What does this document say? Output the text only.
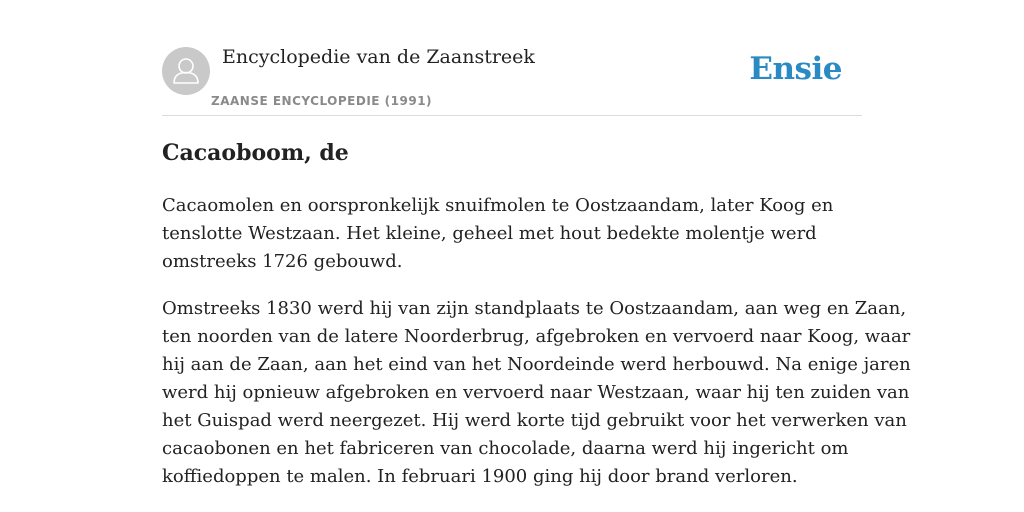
Encyclopedie van de Zaanstreek
ZAANSE ENCYCLOPEDIE (1991)
Ensie
Cacaoboom, de

Cacaomolen en oorspronkelijk snuifmolen te Oostzaandam, later Koog en
tenslotte Westzaan. Het kleine, geheel met hout bedekte molentje werd
omstreeks 1726 gebouwd.

Omstreeks 1830 werd hij van zijn standplaats te Oostzaandam, aan weg en Zaan,
ten noorden van de latere Noorderbrug, afgebroken en vervoerd naar Koog, waar
hij aan de Zaan, aan het eind van het Noordeinde werd herbouwd. Na enige jaren
werd hij opnieuw afgebroken en vervoerd naar Westzaan, waar hij ten zuiden van
het Guispad werd neergezet. Hij werd korte tijd gebruikt voor het verwerken van
cacaobonen en het fabriceren van chocolade, daarna werd hij ingericht om
koffiedoppen te malen. In februari 1900 ging hij door brand verloren.
